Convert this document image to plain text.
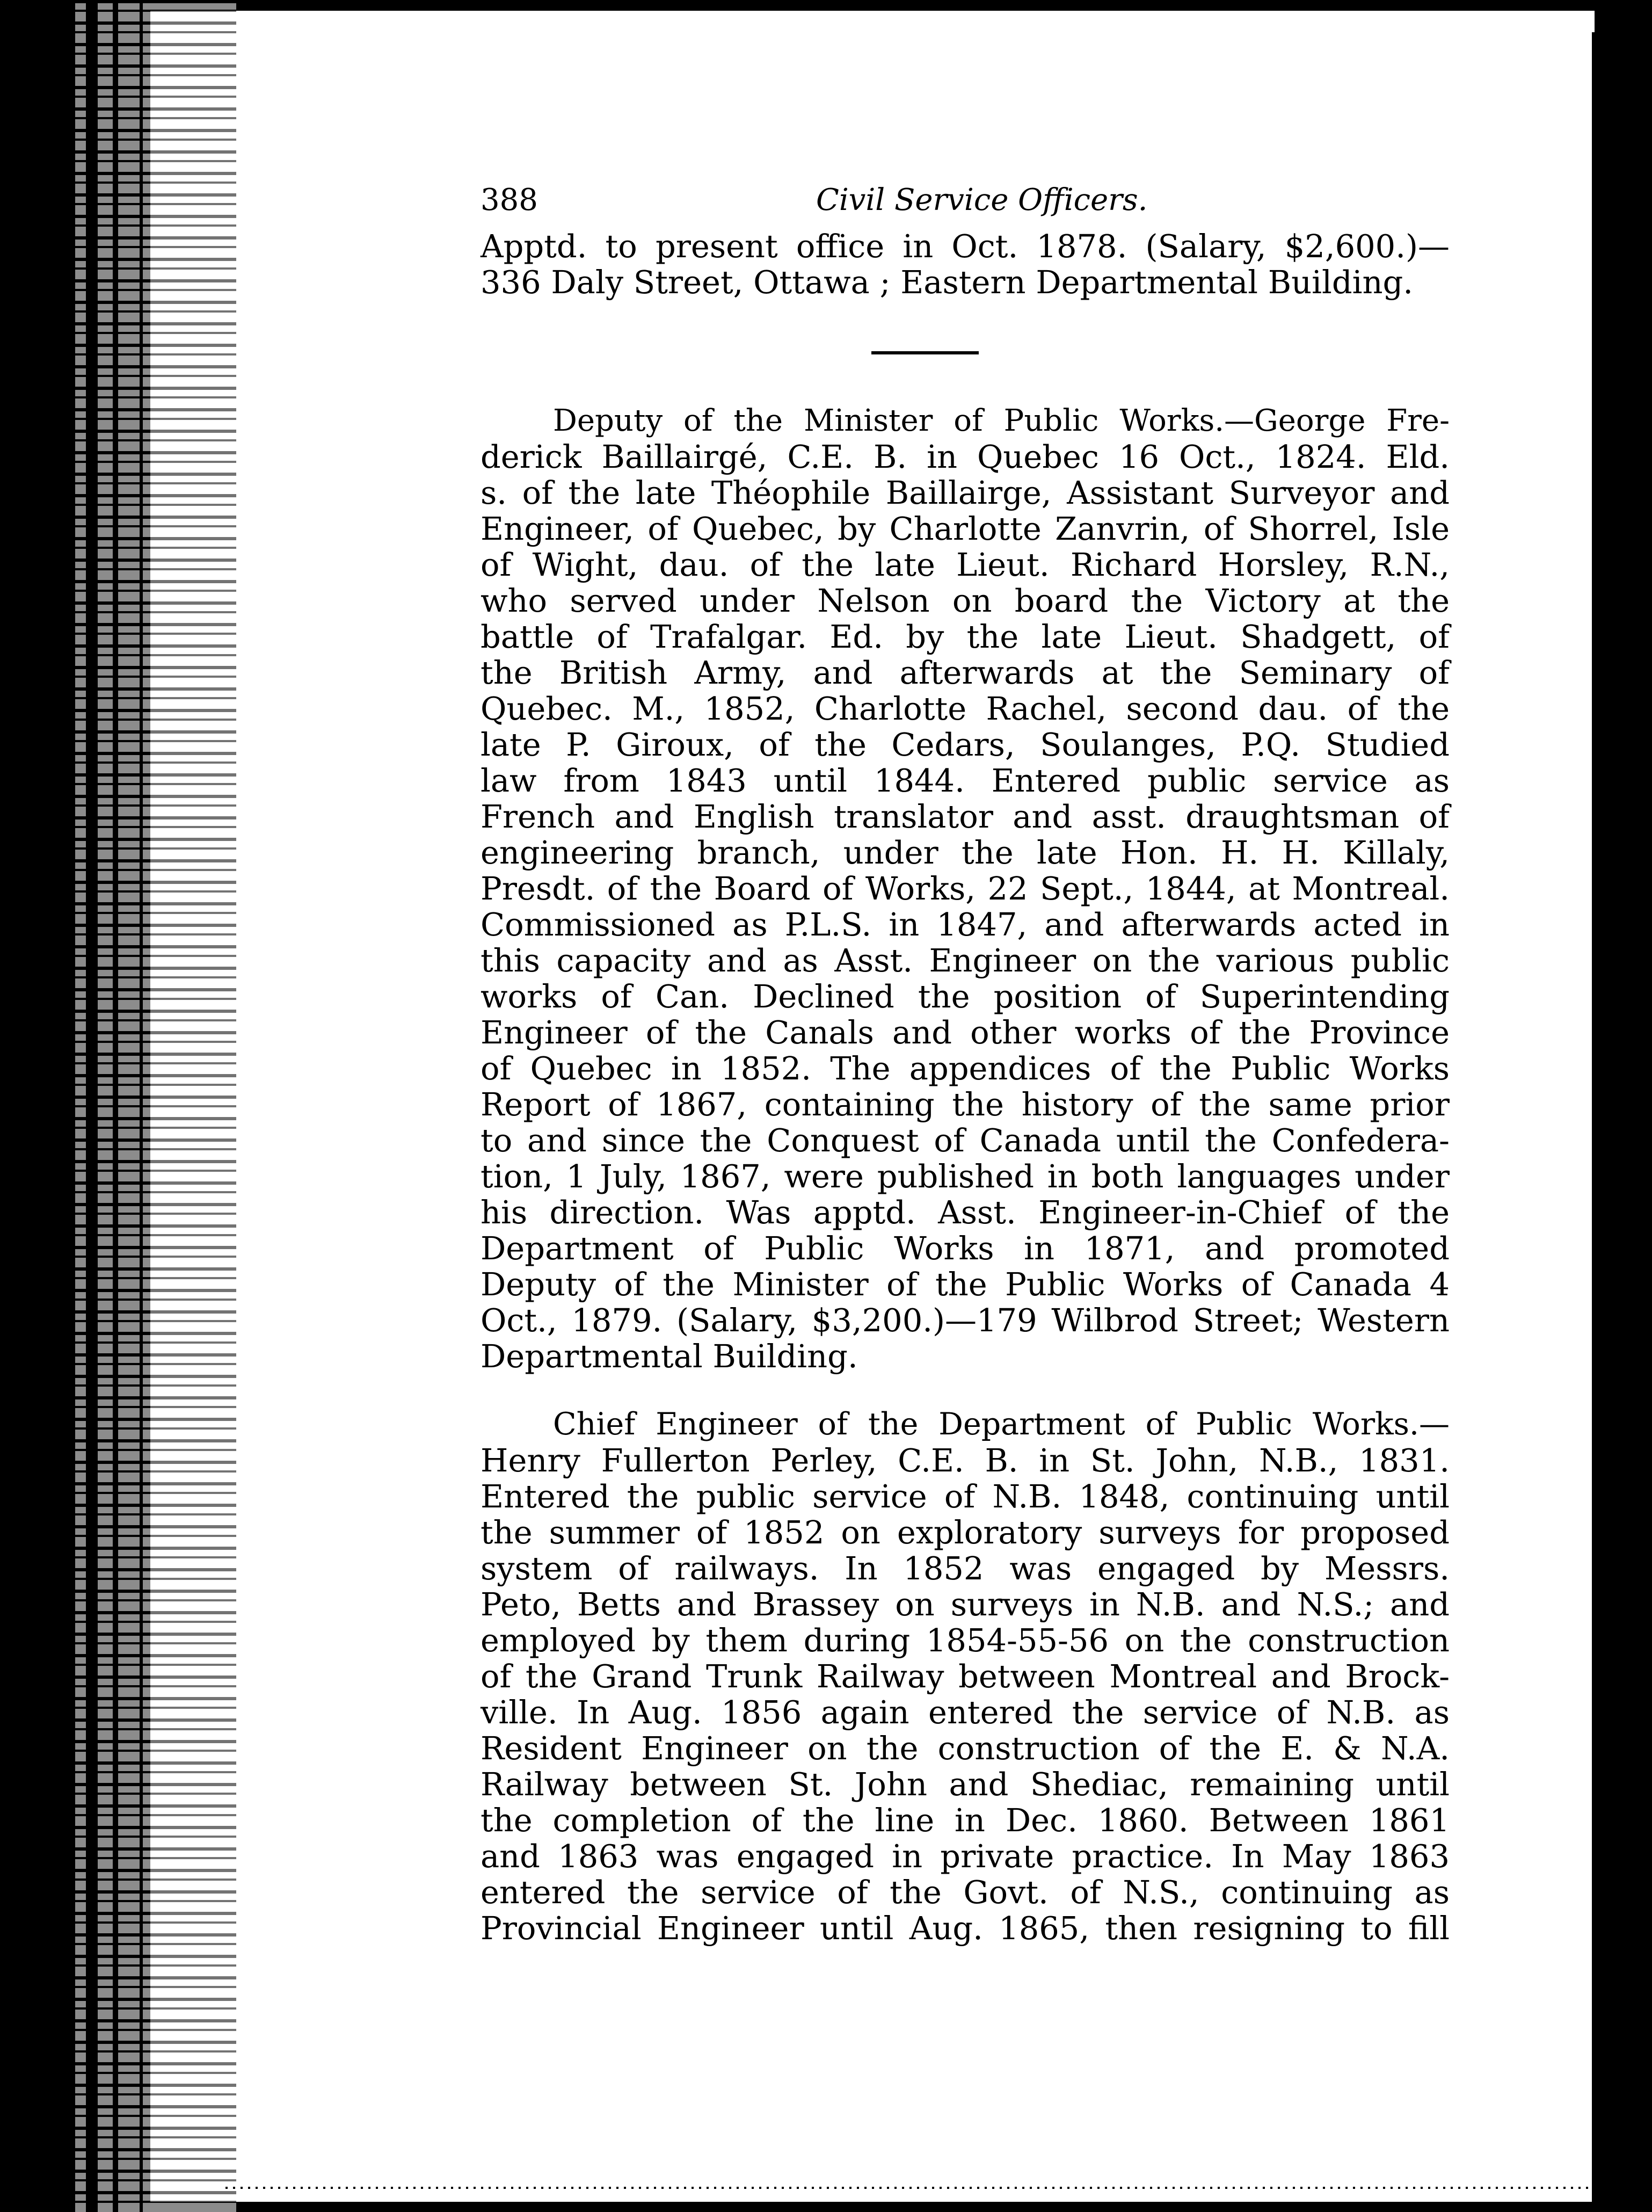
388	Civil Service Officers.

Apptd. to present office in Oct. 1878. (Salary, $2,600.)—
336 Daly Street, Ottawa ; Eastern Departmental Building.

Deputy of the Minister of Public Works.—George Fre-
derick Baillairgé, C.E. B. in Quebec 16 Oct., 1824. Eld.
s. of the late Théophile Baillairge, Assistant Surveyor and
Engineer, of Quebec, by Charlotte Zanvrin, of Shorrel, Isle
of Wight, dau. of the late Lieut. Richard Horsley, R.N.,
who served under Nelson on board the Victory at the
battle of Trafalgar. Ed. by the late Lieut. Shadgett, of
the British Army, and afterwards at the Seminary of
Quebec. M., 1852, Charlotte Rachel, second dau. of the
late P. Giroux, of the Cedars, Soulanges, P.Q. Studied
law from 1843 until 1844. Entered public service as
French and English translator and asst. draughtsman of
engineering branch, under the late Hon. H. H. Killaly,
Presdt. of the Board of Works, 22 Sept., 1844, at Montreal.
Commissioned as P.L.S. in 1847, and afterwards acted in
this capacity and as Asst. Engineer on the various public
works of Can. Declined the position of Superintending
Engineer of the Canals and other works of the Province
of Quebec in 1852. The appendices of the Public Works
Report of 1867, containing the history of the same prior
to and since the Conquest of Canada until the Confedera-
tion, 1 July, 1867, were published in both languages under
his direction. Was apptd. Asst. Engineer-in-Chief of the
Department of Public Works in 1871, and promoted
Deputy of the Minister of the Public Works of Canada 4
Oct., 1879. (Salary, $3,200.)—179 Wilbrod Street; Western
Departmental Building.

Chief Engineer of the Department of Public Works.—
Henry Fullerton Perley, C.E. B. in St. John, N.B., 1831.
Entered the public service of N.B. 1848, continuing until
the summer of 1852 on exploratory surveys for proposed
system of railways. In 1852 was engaged by Messrs.
Peto, Betts and Brassey on surveys in N.B. and N.S.; and
employed by them during 1854-55-56 on the construction
of the Grand Trunk Railway between Montreal and Brock-
ville. In Aug. 1856 again entered the service of N.B. as
Resident Engineer on the construction of the E. & N.A.
Railway between St. John and Shediac, remaining until
the completion of the line in Dec. 1860. Between 1861
and 1863 was engaged in private practice. In May 1863
entered the service of the Govt. of N.S., continuing as
Provincial Engineer until Aug. 1865, then resigning to fill
